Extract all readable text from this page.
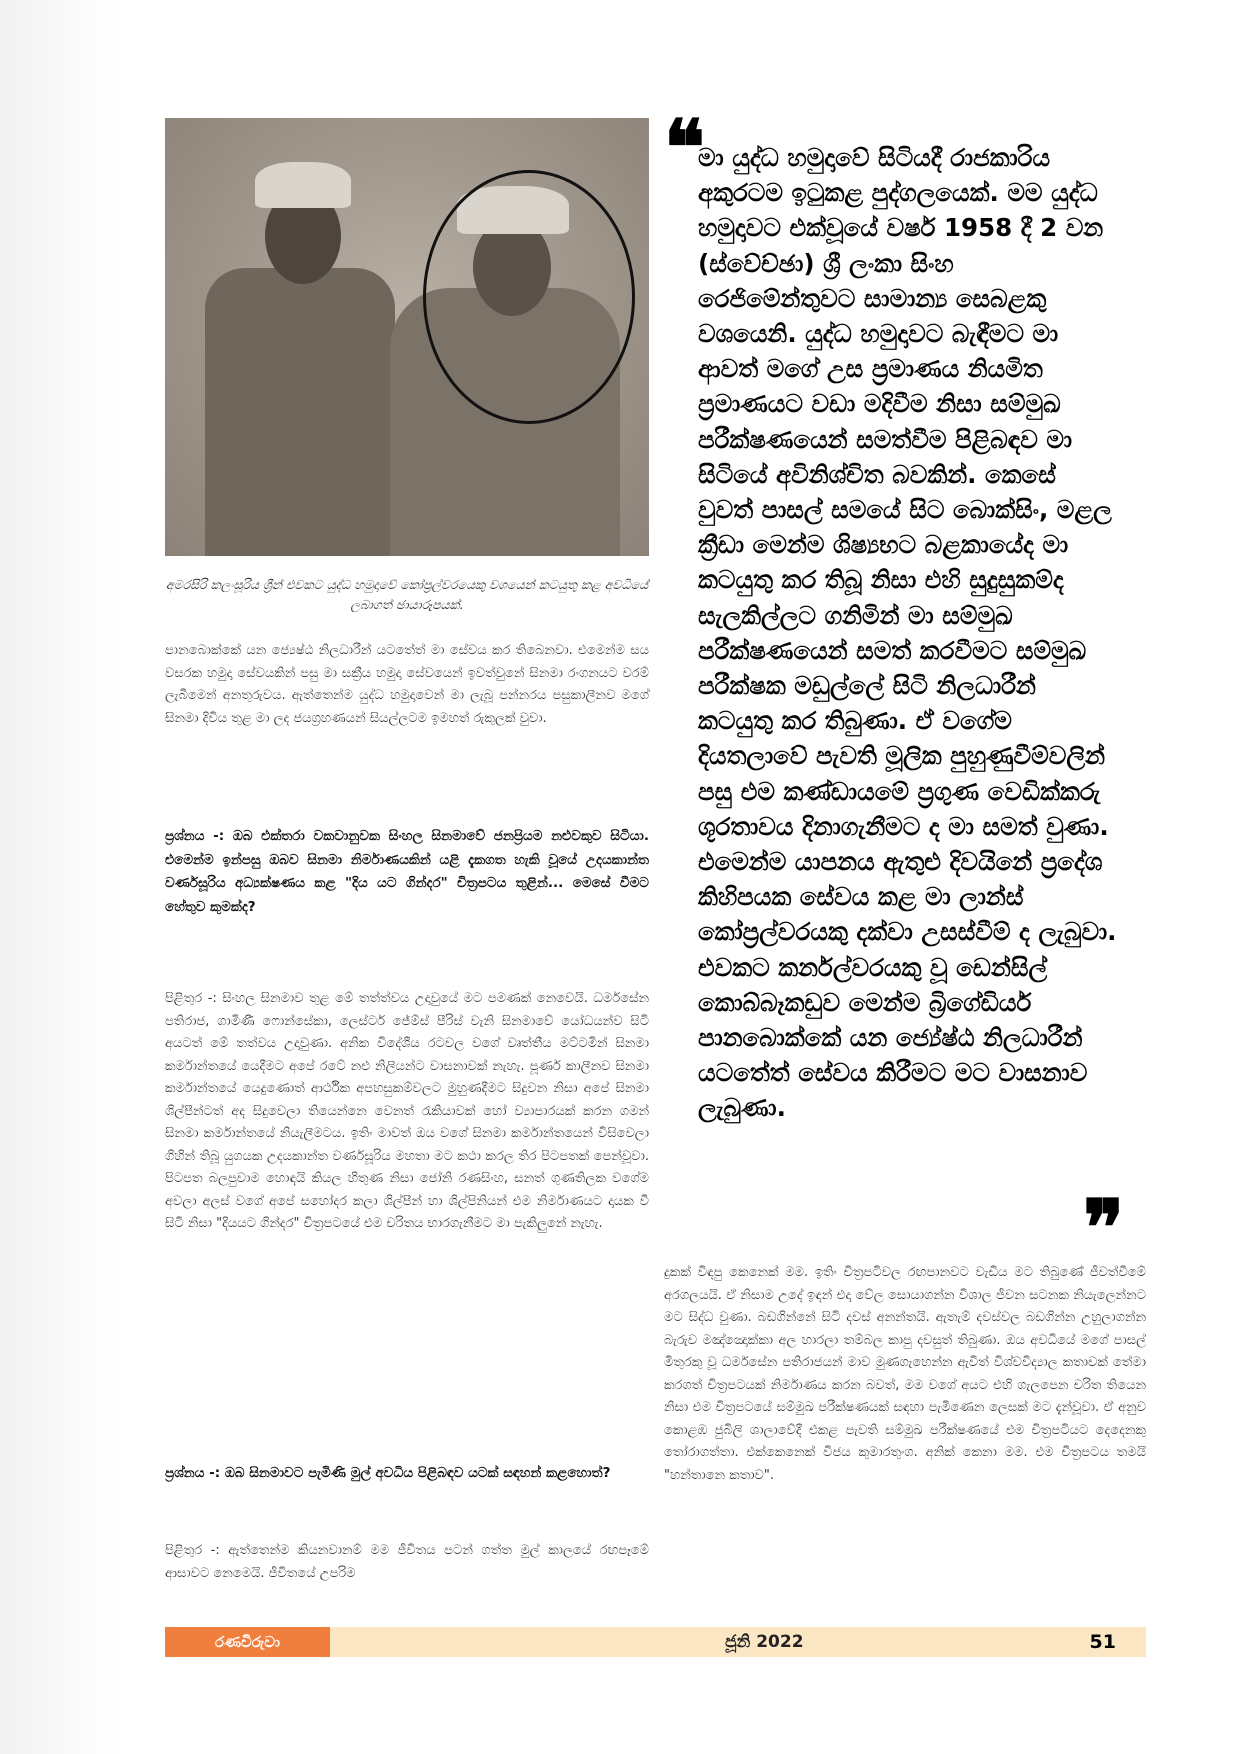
අමරසිරි කලංසූරිය ශ්‍රීන් එවකට යුද්ධ හමුදාවේ කෝප්‍රල්වරයෙකු වශයෙන් කටයුතු කළ අවධියේ ලබාගත් ඡායාරූපයක්.

පානබොක්කේ යන ජ්‍යෙෂ්ඨ නිලධාරීන් යටතේත් මා සේවය කර තිබෙනවා. එමෙන්ම සය වසරක හමුදා සේවයකින් පසු මා සක්‍රීය හමුදා සේවයෙන් ඉවත්වුනේ සිනමා රංගනයට වරම් ලැබීමෙන් අනතුරුවය. ඇත්තෙන්ම යුද්ධ හමුදාවෙන් මා ලැබූ පන්නරය පසුකාලීනව මගේ සිනමා දිවිය තුළ මා ලද ජයග්‍රහණයන් සියල්ලටම ඉමහත් රුකුලක් වුවා.

ප්‍රශ්නය -: ඔබ එක්තරා වකවානුවක සිංහල සිනමාවේ ජනප්‍රියම නළුවකුව සිටියා. එමෙන්ම ඉන්පසු ඔබව සිනමා නිර්මාණයකින් යළි දැකගත හැකි වූයේ උදයකාන්ත වර්ණසූරිය අධ්‍යක්ෂණය කළ "දිය යට ගින්දර" චිත්‍රපටය තුළින්... මෙසේ වීමට හේතුව කුමක්ද?

පිළිතුර -: සිංහල සිනමාව තුළ මේ තත්ත්වය උදාවුයේ මට පමණක් නෙවෙයි. ධර්මසේන පතිරාජ, ගාමිණී ෆොන්සේකා, ලෙස්ටර් ජේම්ස් පීරිස් වැනි සිනමාවේ යෝධයන්ව සිටි අයටත් මේ තත්වය උදාවුණා. අනික විදේශීය රටවල වගේ වෘත්තීය මට්ටමින් සිනමා කර්මාන්තයේ යෙදීමට අපේ රටේ නළු නිලියන්ට වාසනාවක් නැහැ. පූර්ණ කාලීනව සිනමා කර්මාන්තයේ යෙදුණොත් ආර්ථික අපහසුකම්වලට මුහුණදීමට සිදුවන නිසා අපේ සිනමා ශිල්පීන්ටත් අද සිදුවෙලා තියෙන්නෙ වෙනත් රැකියාවක් හෝ ව්‍යාපාරයක් කරන ගමන් සිනමා කර්මාන්තයේ නියැලීමටය. ඉතිං මාවත් ඔය වගේ සිනමා කර්මාන්තයෙන් විසිවෙලා ගිහින් තිබූ යුගයක උදයකාන්ත වර්ණසූරිය මහතා මට කථා කරල තිර පිටපතක් පෙන්වූවා. පිටපත බලපුවාම හොඳයි කියල හිතුණ නිසා ජෝනි රණසිංහ, සනත් ගුණතිලක වගේම අවලා අලස් වගේ අපේ සහෝදර කලා ශිල්පීන් හා ශිල්පිනියන් එම නිර්මාණයට දායක වී සිටි නිසා "දියයට ගින්දර" චිත්‍රපටයේ එම චරිතය භාරගැනීමට මා පැකිලුනේ නැහැ.

ප්‍රශ්නය -: ඔබ සිනමාවට පැමිණි මුල් අවධිය පිළිබඳව යටක් සඳහන් කළහොත්?

පිළිතුර -: ඇත්තෙන්ම කියනවානම් මම ජීවිතය පටන් ගත්ත මුල් කාලයේ රඟපෑමේ ආසාවට නෙමෙයි. ජීවිතයේ උපරිම

❝

මා යුද්ධ හමුදාවේ සිටියදී රාජකාරිය අකුරටම ඉටුකළ පුද්ගලයෙක්. මම යුද්ධ හමුදාවට එක්වූයේ වර්ෂ 1958 දී 2 වන (ස්වේච්ඡා) ශ්‍රී ලංකා සිංහ රෙජිමේන්තුවට සාමාන්‍ය සෙබළකු වශයෙනි. යුද්ධ හමුදාවට බැඳීමට මා ආවත් මගේ උස ප්‍රමාණය නියමිත ප්‍රමාණයට වඩා මදිවීම නිසා සම්මුඛ පරීක්ෂණයෙන් සමත්වීම පිළිබඳව මා සිටියේ අවිනිශ්චිත බවකින්. කෙසේ වුවත් පාසල් සමයේ සිට බොක්සිං, මළල ක්‍රීඩා මෙන්ම ශිෂ්‍යභට බළකායේද මා කටයුතු කර තිබූ නිසා එහි සුදුසුකම්ද සැලකිල්ලට ගනිමින් මා සම්මුඛ පරීක්ෂණයෙන් සමත් කරවීමට සම්මුඛ පරීක්ෂක මඩුල්ලේ සිටි නිලධාරීන් කටයුතු කර තිබුණා. ඒ වගේම දියතලාවේ පැවති මූලික පුහුණුවීම්වලින් පසු එම කණ්ඩායමේ ප්‍රගුණ වෙඩික්කරු ශූරතාවය දිනාගැනීමට ද මා සමත් වුණා. එමෙන්ම යාපනය ඇතුළු දිවයිනේ ප්‍රදේශ කිහිපයක සේවය කළ මා ලාන්ස් කෝප්‍රල්වරයකු දක්වා උසස්වීම් ද ලැබුවා. එවකට කර්නල්වරයකු වූ ඩෙන්සිල් කොබ්බෑකඩුව මෙන්ම බ්‍රිගේඩියර් පානබොක්කේ යන ජ්‍යේෂ්ඨ නිලධාරීන් යටතේත් සේවය කිරීමට මට වාසනාව ලැබුණා.

❞

දුකක් විඳපු කෙනෙක් මම. ඉතිං චිත්‍රපටිවල රඟපානවට වැඩිය මට තිබුණේ ජීවත්වීමේ අරගලයයි. ඒ නිසාම උදේ ඉඳන් එදා වේල සොයාගන්න විශාල ජීවන සටනක නියැලෙන්නට මට සිද්ධ වුණා. බඩගින්නේ සිටි දවස් අනන්තයි. ඇතැම් දවස්වල බඩගින්න උහුලාගන්න බැරුව මඤ්ඤොක්කා අල හාරලා තම්බල කාපු දවසුත් තිබුණා. ඔය අවධියේ මගේ පාසල් මිතුරකු වූ ධර්මසේන පතිරාජයන් මාව මුණගැහෙන්න ඇවිත් විශ්වවිද්‍යාල කතාවක් තේමා කරගත් චිත්‍රපටයක් නිර්මාණය කරන බවත්, මම වගේ අයට එහි ගැලපෙන චරිත තියෙන නිසා එම චිත්‍රපටයේ සම්මුඛ පරීක්ෂණයක් සඳහා පැමිණෙන ලෙසක් මට දැන්වූවා. ඒ අනුව කොළඹ ජුබිලි ශාලාවේදී එකළ පැවති සම්මුඛ පරීක්ෂණයේ එම චිත්‍රපටියට දෙදෙනකු තෝරාගත්තා. එක්කෙනෙක් විජය කුමාරතුංග. අනික් කෙනා මම. එම චිත්‍රපටය තමයි "හන්තානෙ කතාව".

රණවිරුවා	ජූනි 2022	51
